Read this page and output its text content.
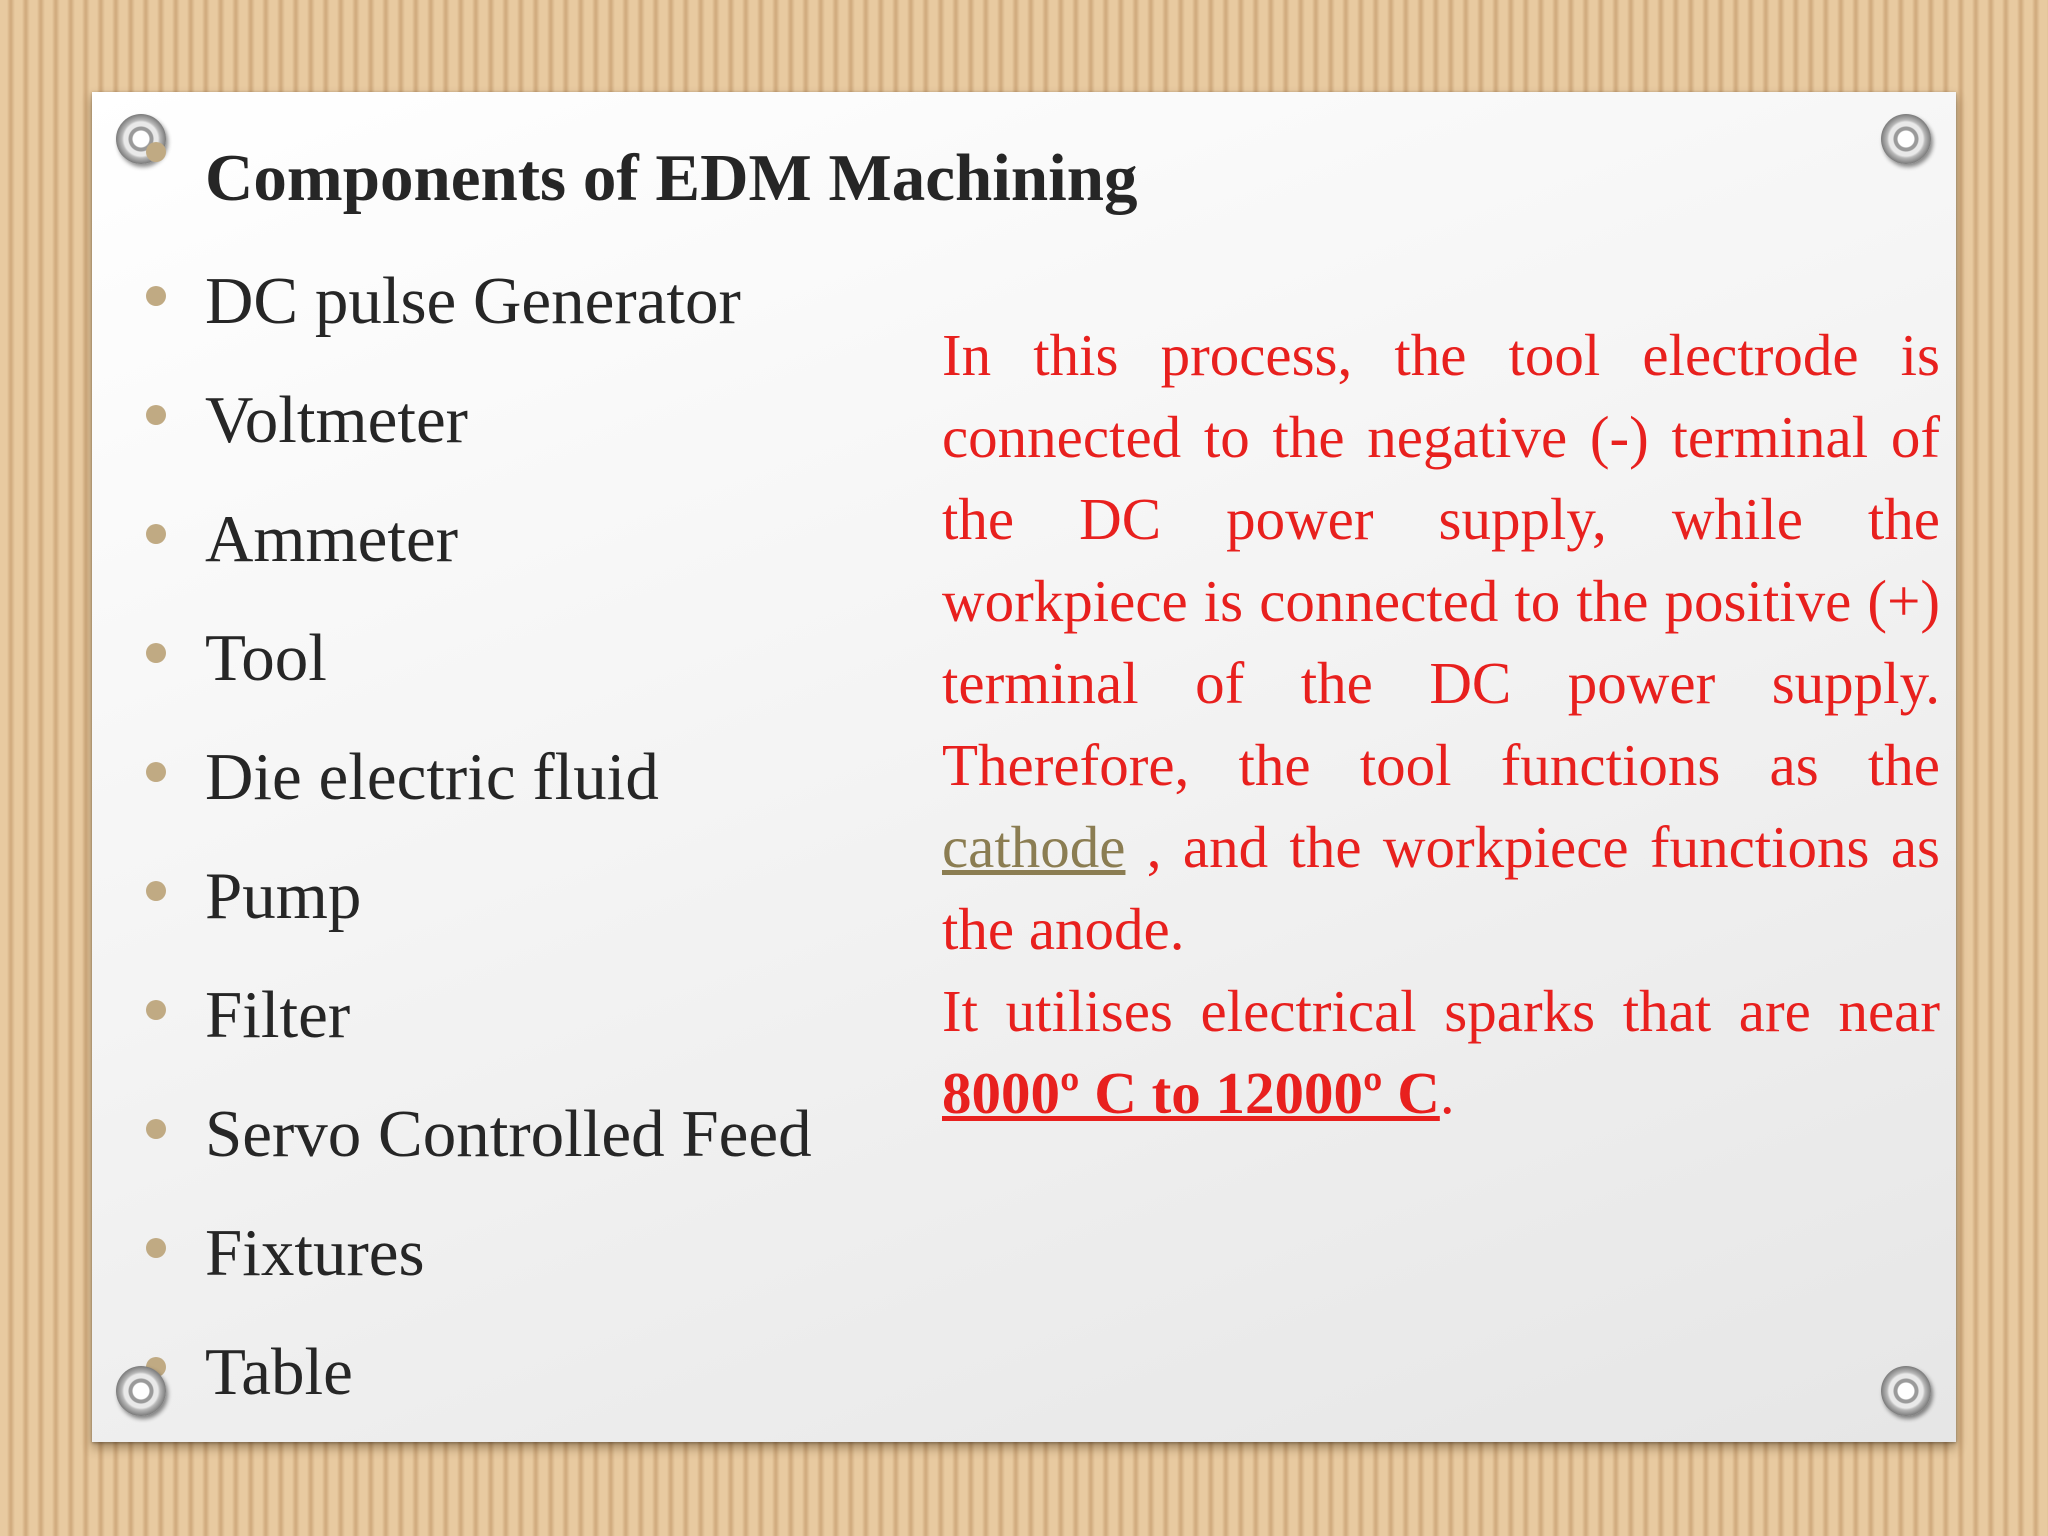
Components of EDM Machining
DC pulse Generator
Voltmeter
Ammeter
Tool
Die electric fluid
Pump
Filter
Servo Controlled Feed
Fixtures
Table

In this process, the tool electrode is connected to the negative (-) terminal of the DC power supply, while the workpiece is connected to the positive (+) terminal of the DC power supply. Therefore, the tool functions as the cathode , and the workpiece functions as the anode.
It utilises electrical sparks that are near 8000º C to 12000º C.
